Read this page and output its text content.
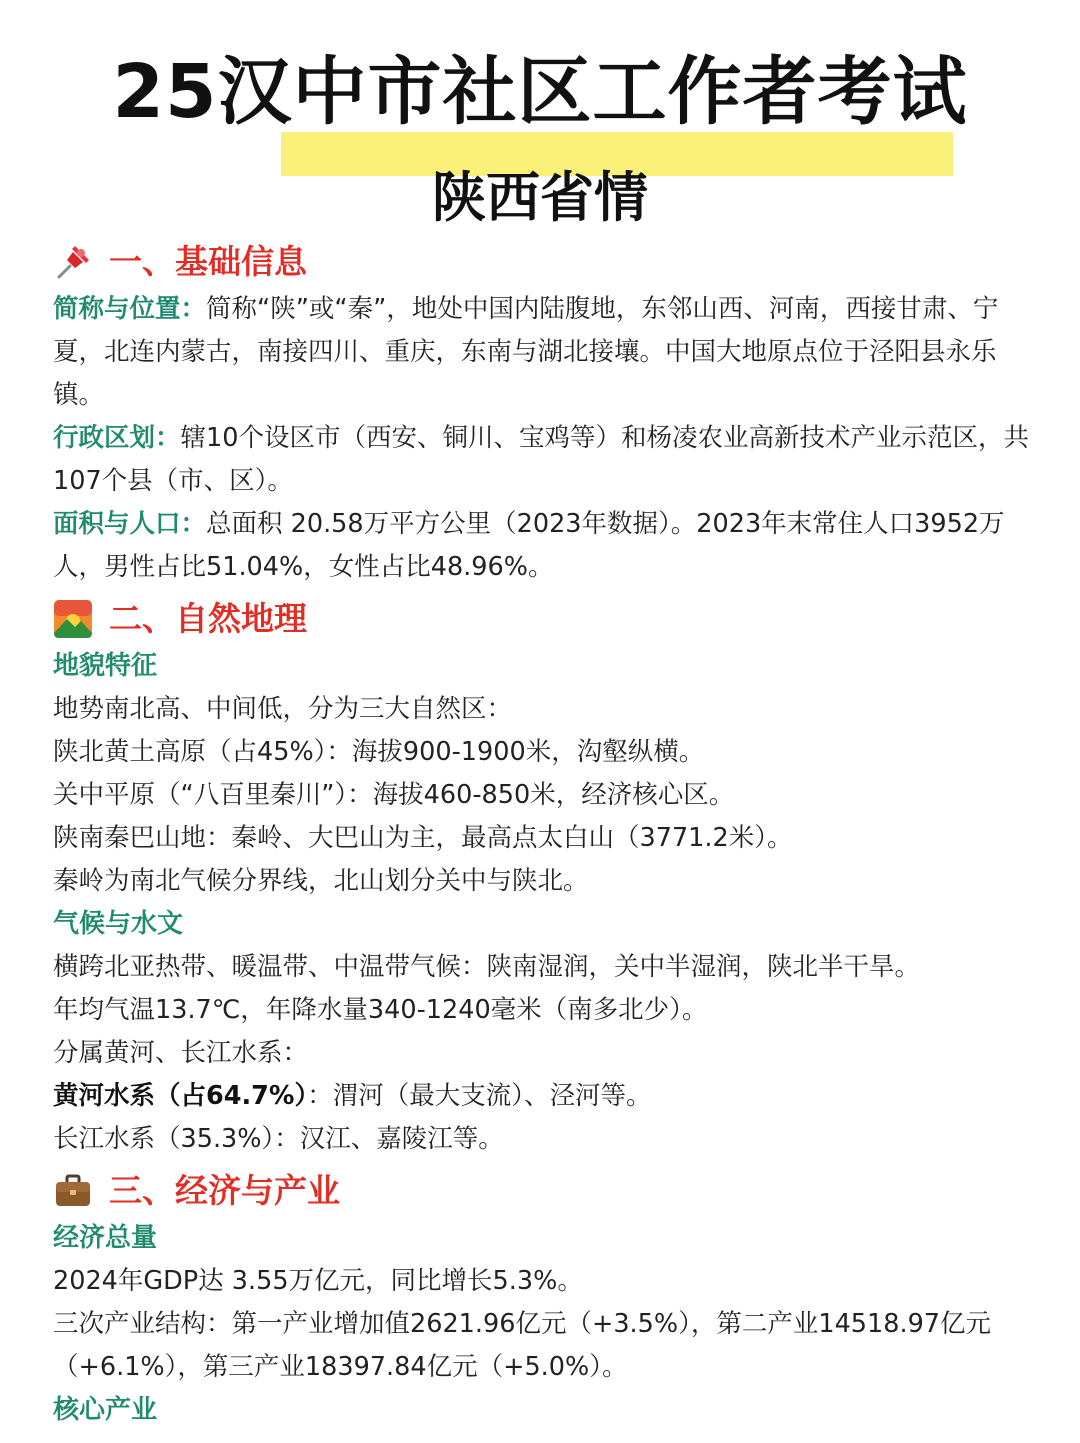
25汉中市社区工作者考试
陕西省情
一、基础信息

简称与位置：简称“陕”或“秦”，地处中国内陆腹地，东邻山西、河南，西接甘肃、宁夏，北连内蒙古，南接四川、重庆，东南与湖北接壤。中国大地原点位于泾阳县永乐镇。

行政区划：辖10个设区市（西安、铜川、宝鸡等）和杨凌农业高新技术产业示范区，共107个县（市、区）。

面积与人口：总面积 20.58万平方公里（2023年数据）。2023年末常住人口3952万人，男性占比51.04%，女性占比48.96%。

二、自然地理
地貌特征
地势南北高、中间低，分为三大自然区：
陕北黄土高原（占45%）：海拔900-1900米，沟壑纵横。
关中平原（“八百里秦川”）：海拔460-850米，经济核心区。
陕南秦巴山地：秦岭、大巴山为主，最高点太白山（3771.2米）。
秦岭为南北气候分界线，北山划分关中与陕北。
气候与水文
横跨北亚热带、暖温带、中温带气候：陕南湿润，关中半湿润，陕北半干旱。
年均气温13.7℃，年降水量340-1240毫米（南多北少）。
分属黄河、长江水系：
黄河水系（占64.7%）：渭河（最大支流）、泾河等。
长江水系（35.3%）：汉江、嘉陵江等。
三、经济与产业
经济总量
2024年GDP达 3.55万亿元，同比增长5.3%。

三次产业结构：第一产业增加值2621.96亿元（+3.5%），第二产业14518.97亿元（+6.1%），第三产业18397.84亿元（+5.0%）。

核心产业
